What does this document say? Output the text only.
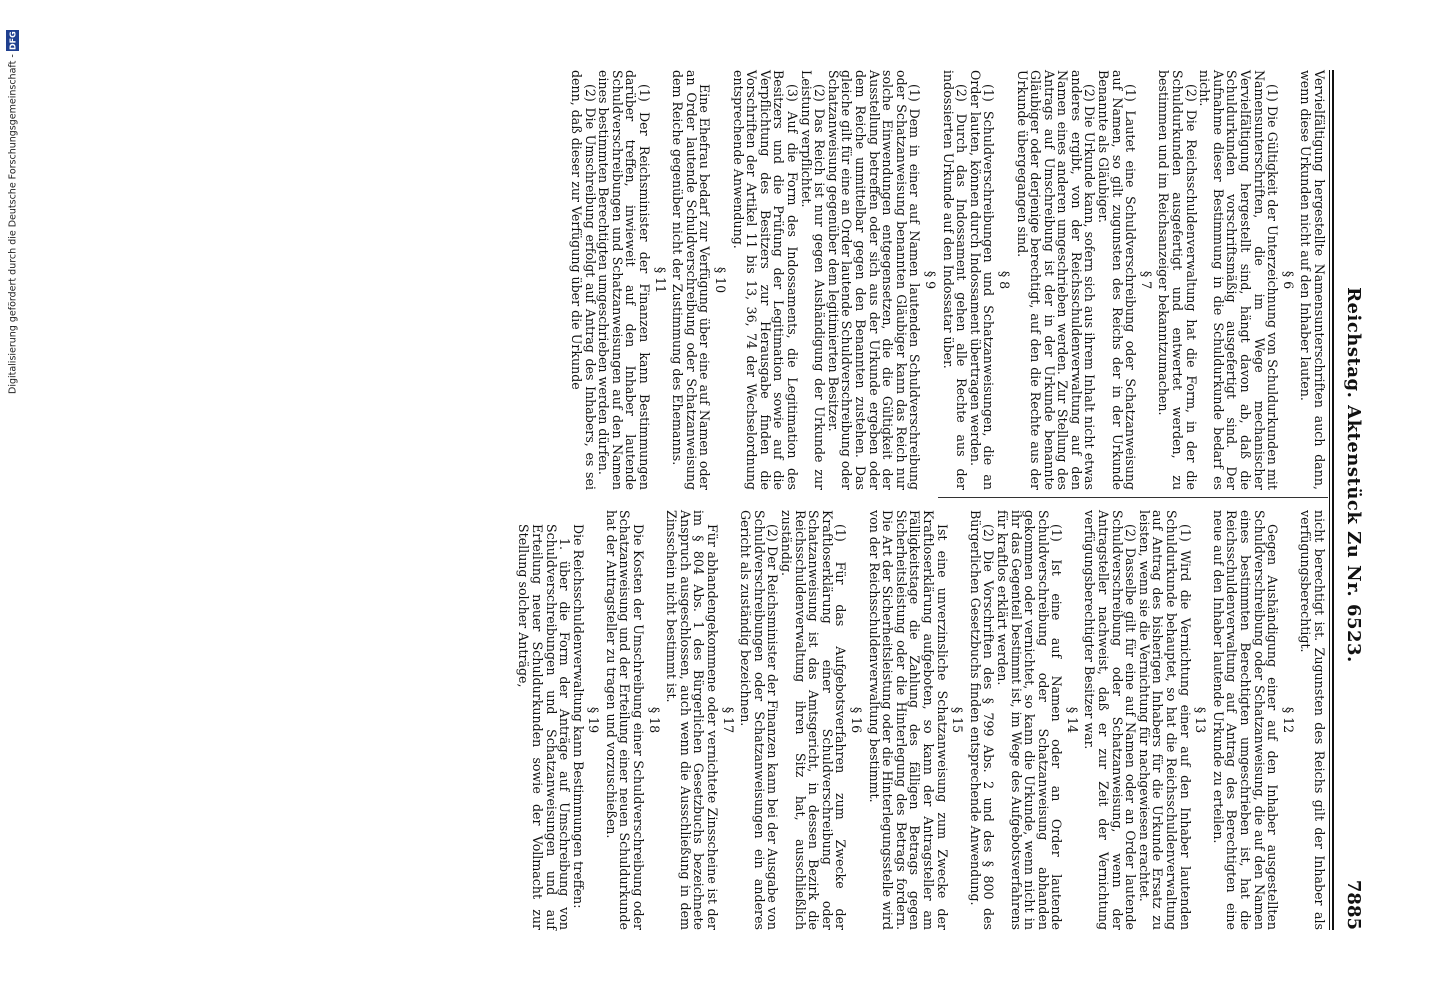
Reichstag. Aktenstück Zu Nr. 6523.
7885

Vervielfältigung hergestellte Namensunterschriften auch dann, wenn diese Urkunden nicht auf den Inhaber lauten.

§ 6

(1) Die Gültigkeit der Unterzeichnung von Schuldurkunden mit Namensunterschriften, die im Wege mechanischer Vervielfältigung hergestellt sind, hängt davon ab, daß die Schuldurkunden vorschriftsmäßig ausgefertigt sind. Der Aufnahme dieser Bestimmung in die Schuldurkunde bedarf es nicht.

(2) Die Reichsschuldenverwaltung hat die Form, in der die Schuldurkunden ausgefertigt und entwertet werden, zu bestimmen und im Reichsanzeiger bekanntzumachen.

§ 7

(1) Lautet eine Schuldverschreibung oder Schatzanweisung auf Namen, so gilt zugunsten des Reichs der in der Urkunde Benannte als Gläubiger.

(2) Die Urkunde kann, sofern sich aus ihrem Inhalt nicht etwas anderes ergibt, von der Reichsschuldenverwaltung auf den Namen eines anderen umgeschrieben werden. Zur Stellung des Antrags auf Umschreibung ist der in der Urkunde benannte Gläubiger oder derjenige berechtigt, auf den die Rechte aus der Urkunde übergegangen sind.

§ 8

(1) Schuldverschreibungen und Schatzanweisungen, die an Order lauten, können durch Indossament übertragen werden.

(2) Durch das Indossament gehen alle Rechte aus der indossierten Urkunde auf den Indossatar über.

§ 9

(1) Dem in einer auf Namen lautenden Schuldverschreibung oder Schatzanweisung benannten Gläubiger kann das Reich nur solche Einwendungen entgegensetzen, die die Gültigkeit der Ausstellung betreffen oder sich aus der Urkunde ergeben oder dem Reiche unmittelbar gegen den Benannten zustehen. Das gleiche gilt für eine an Order lautende Schuldverschreibung oder Schatzanweisung gegenüber dem legitimierten Besitzer.

(2) Das Reich ist nur gegen Aushändigung der Urkunde zur Leistung verpflichtet.

(3) Auf die Form des Indossaments, die Legitimation des Besitzers und die Prüfung der Legitimation sowie auf die Verpflichtung des Besitzers zur Herausgabe finden die Vorschriften der Artikel 11 bis 13, 36, 74 der Wechselordnung entsprechende Anwendung.

§ 10

Eine Ehefrau bedarf zur Verfügung über eine auf Namen oder an Order lautende Schuldverschreibung oder Schatzanweisung dem Reiche gegenüber nicht der Zustimmung des Ehemanns.

§ 11

(1) Der Reichsminister der Finanzen kann Bestimmungen darüber treffen, inwieweit auf den Inhaber lautende Schuldverschreibungen und Schatzanweisungen auf den Namen eines bestimmten Berechtigten umgeschrieben werden dürfen.

(2) Die Umschreibung erfolgt auf Antrag des Inhabers, es sei denn, daß dieser zur Verfügung über die Urkunde

nicht berechtigt ist. Zugunsten des Reichs gilt der Inhaber als verfügungsberechtigt.

§ 12

Gegen Aushändigung einer auf den Inhaber ausgestellten Schuldverschreibung oder Schatzanweisung, die auf den Namen eines bestimmten Berechtigten umgeschrieben ist, hat die Reichsschuldenverwaltung auf Antrag des Berechtigten eine neue auf den Inhaber lautende Urkunde zu erteilen.

§ 13

(1) Wird die Vernichtung einer auf den Inhaber lautenden Schuldurkunde behauptet, so hat die Reichsschuldenverwaltung auf Antrag des bisherigen Inhabers für die Urkunde Ersatz zu leisten, wenn sie die Vernichtung für nachgewiesen erachtet.

(2) Dasselbe gilt für eine auf Namen oder an Order lautende Schuldverschreibung oder Schatzanweisung, wenn der Antragsteller nachweist, daß er zur Zeit der Vernichtung verfügungsberechtigter Besitzer war.

§ 14

(1) Ist eine auf Namen oder an Order lautende Schuldverschreibung oder Schatzanweisung abhanden gekommen oder vernichtet, so kann die Urkunde, wenn nicht in ihr das Gegenteil bestimmt ist, im Wege des Aufgebotsverfahrens für kraftlos erklärt werden.

(2) Die Vorschriften des § 799 Abs. 2 und des § 800 des Bürgerlichen Gesetzbuchs finden entsprechende Anwendung.

§ 15

Ist eine unverzinsliche Schatzanweisung zum Zwecke der Kraftloserklärung aufgeboten, so kann der Antragsteller am Fälligkeitstage die Zahlung des fälligen Betrags gegen Sicherheitsleistung oder die Hinterlegung des Betrags fordern. Die Art der Sicherheitsleistung oder die Hinterlegungsstelle wird von der Reichsschuldenverwaltung bestimmt.

§ 16

(1) Für das Aufgebotsverfahren zum Zwecke der Kraftloserklärung einer Schuldverschreibung oder Schatzanweisung ist das Amtsgericht, in dessen Bezirk die Reichsschuldenverwaltung ihren Sitz hat, ausschließlich zuständig.

(2) Der Reichsminister der Finanzen kann bei der Ausgabe von Schuldverschreibungen oder Schatzanweisungen ein anderes Gericht als zuständig bezeichnen.

§ 17

Für abhandengekommene oder vernichtete Zinsscheine ist der im § 804 Abs. 1 des Bürgerlichen Gesetzbuchs bezeichnete Anspruch ausgeschlossen, auch wenn die Ausschließung in dem Zinsschein nicht bestimmt ist.

§ 18

Die Kosten der Umschreibung einer Schuldverschreibung oder Schatzanweisung und der Erteilung einer neuen Schuldurkunde hat der Antragsteller zu tragen und vorzuschießen.

§ 19

Die Reichsschuldenverwaltung kann Bestimmungen treffen:

1. über die Form der Anträge auf Umschreibung von Schuldverschreibungen und Schatzanweisungen und auf Erteilung neuer Schuldurkunden sowie der Vollmacht zur Stellung solcher Anträge,

Digitalisierung gefördert durch die Deutsche Forschungsgemeinschaft -
DFG
